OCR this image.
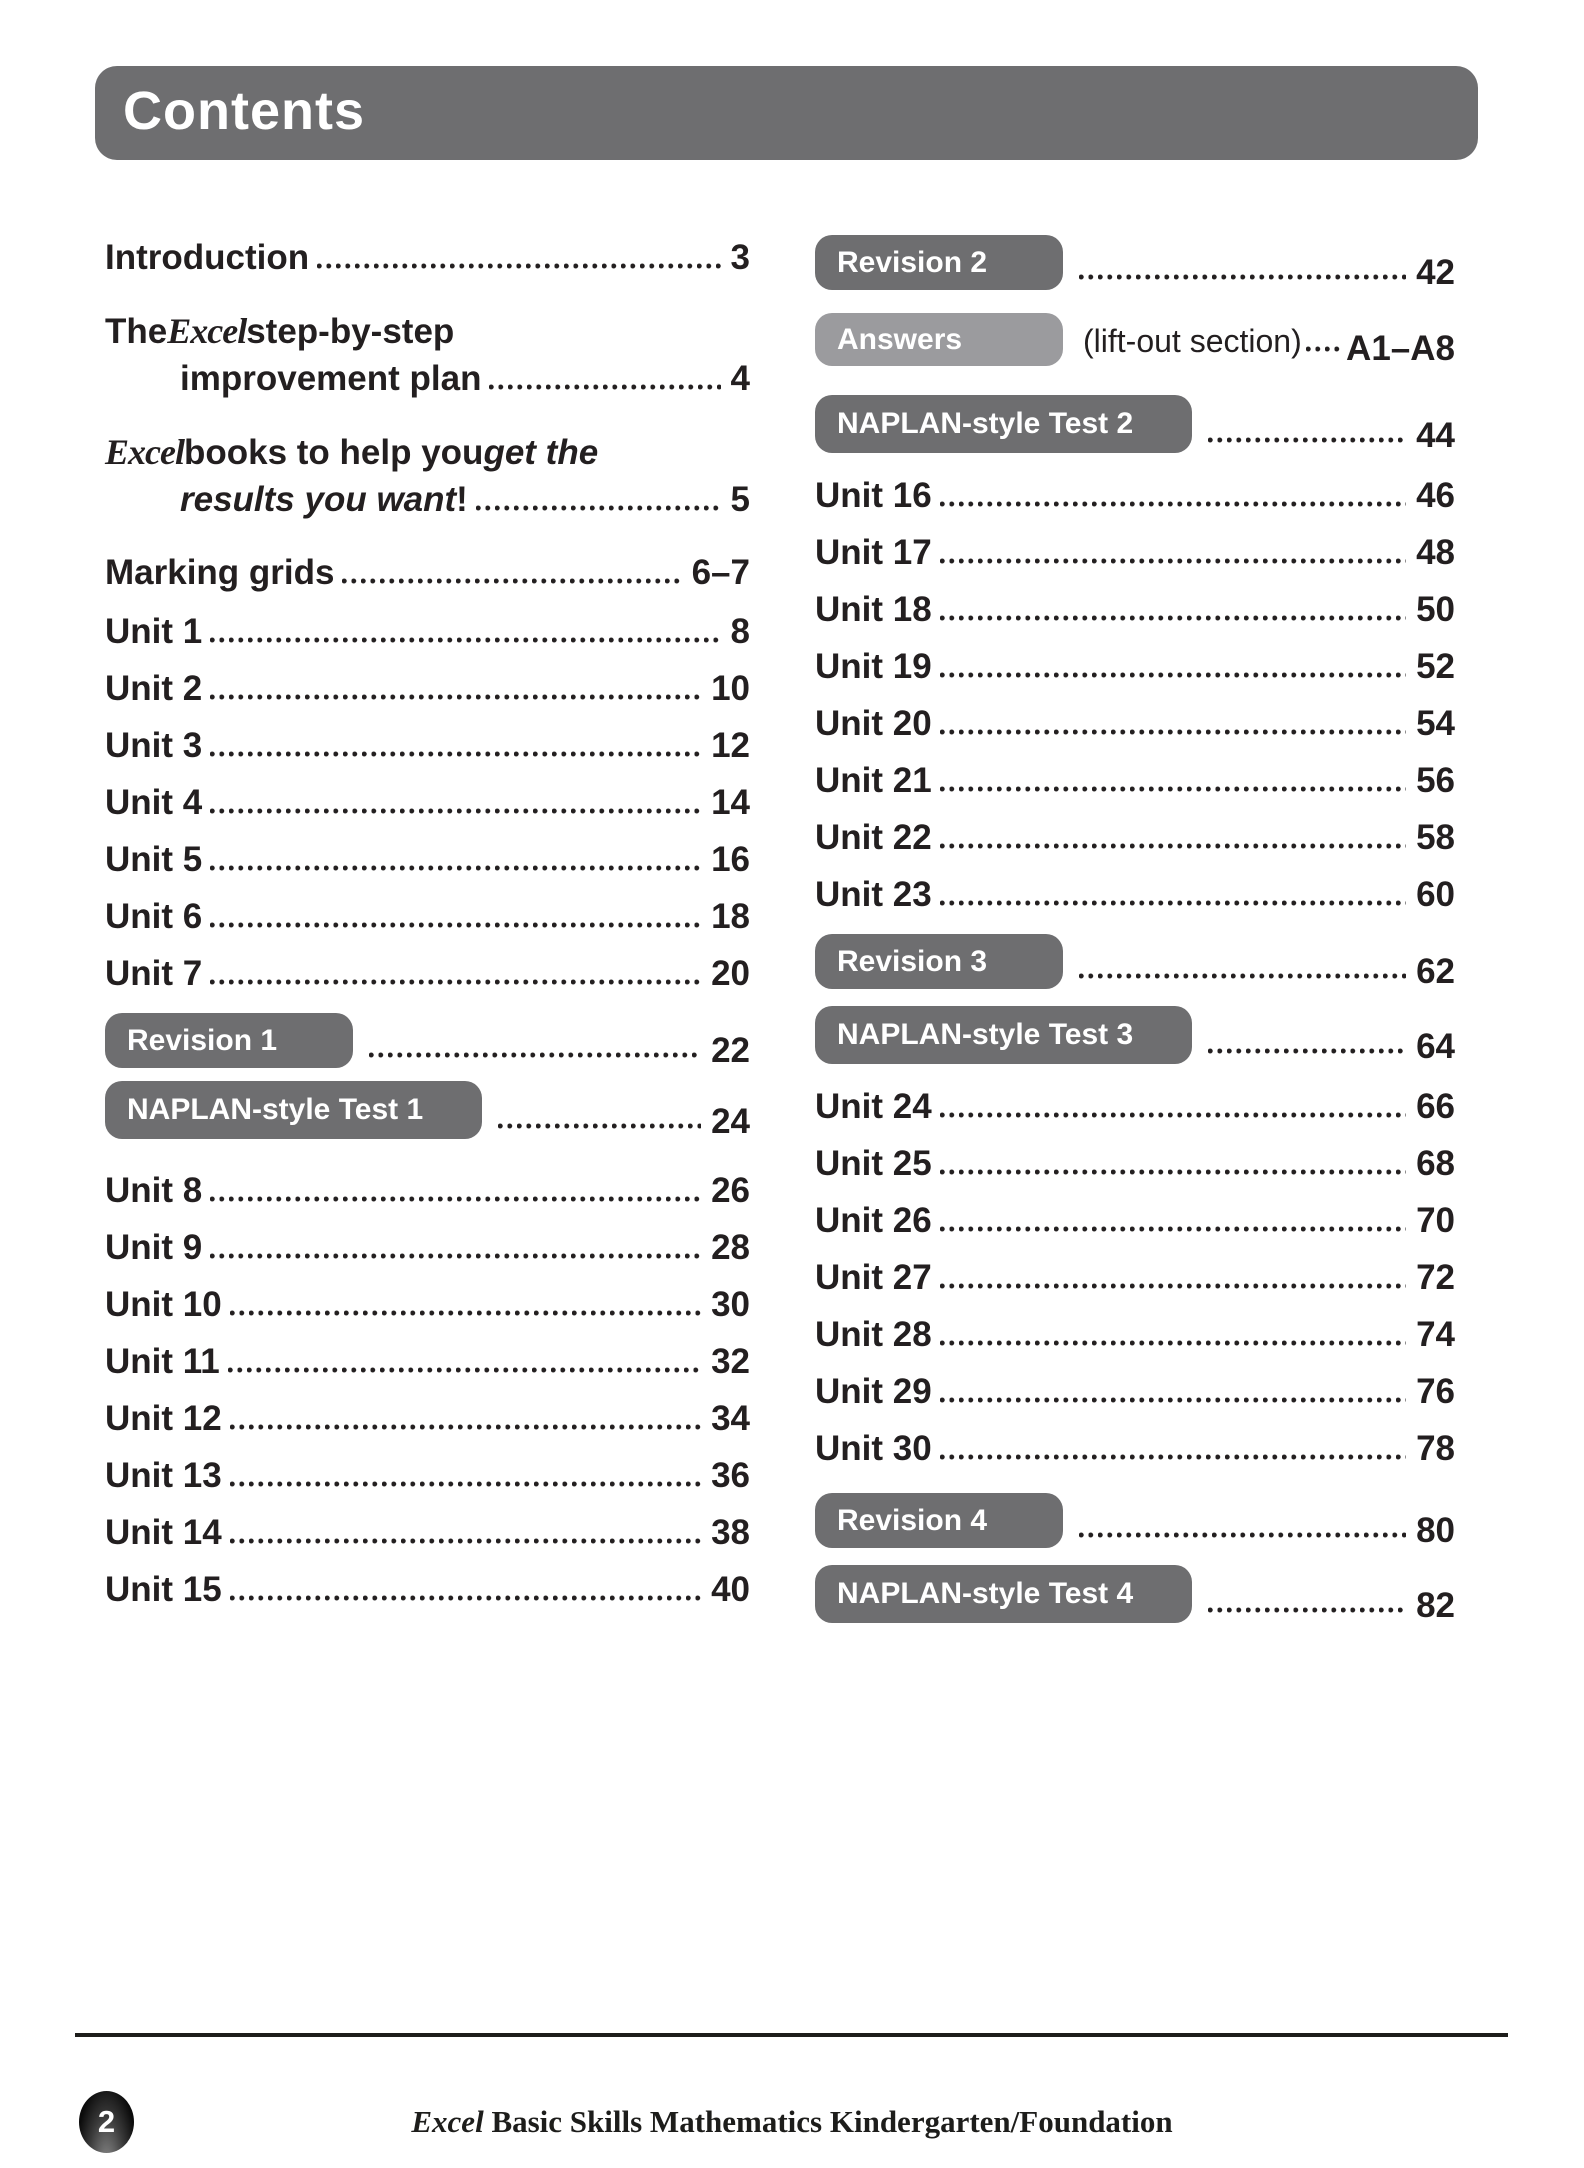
Contents
Introduction	3
The Excel step-by-step
improvement plan	4
Excel books to help you get the
results you want!	5
Marking grids	6–7
Unit 1	8
Unit 2	10
Unit 3	12
Unit 4	14
Unit 5	16
Unit 6	18
Unit 7	20
Revision 1	22
NAPLAN-style Test 1	24
Unit 8	26
Unit 9	28
Unit 10	30
Unit 11	32
Unit 12	34
Unit 13	36
Unit 14	38
Unit 15	40
Revision 2	42
Answers	(lift-out section) A1–A8
NAPLAN-style Test 2	44
Unit 16	46
Unit 17	48
Unit 18	50
Unit 19	52
Unit 20	54
Unit 21	56
Unit 22	58
Unit 23	60
Revision 3	62
NAPLAN-style Test 3	64
Unit 24	66
Unit 25	68
Unit 26	70
Unit 27	72
Unit 28	74
Unit 29	76
Unit 30	78
Revision 4	80
NAPLAN-style Test 4	82
2	Excel Basic Skills Mathematics Kindergarten/Foundation
